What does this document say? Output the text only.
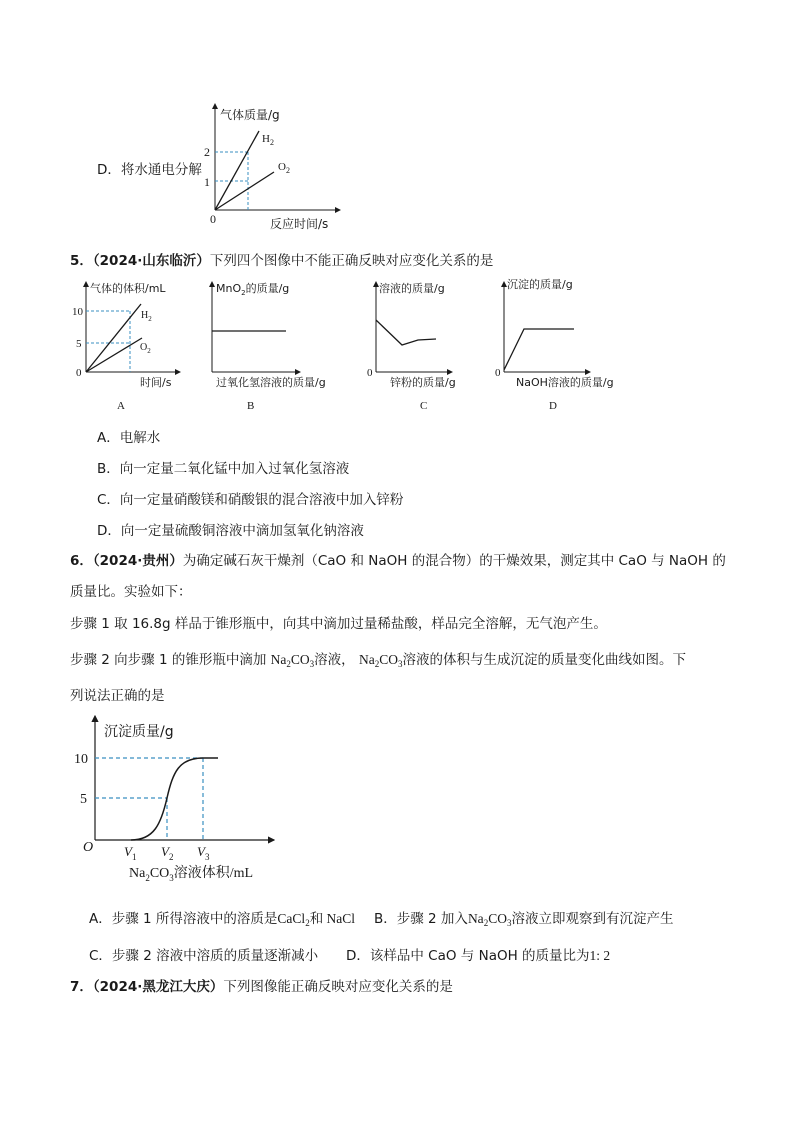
D．将水通电分解
气体质量/g
反应时间/s
2
1
0
$H_2$
$O_2$
5．（2024·山东临沂）下列四个图像中不能正确反映对应变化关系的是
气体的体积/mL
时间/s
10
5
0
$H_2$
$O_2$
A
MnO$_2$的质量/g
过氧化氢溶液的质量/g
B
溶液的质量/g
锌粉的质量/g
0
C
沉淀的质量/g
NaOH溶液的质量/g
0
D
A．电解水
B．向一定量二氧化锰中加入过氧化氢溶液
C．向一定量硝酸镁和硝酸银的混合溶液中加入锌粉
D．向一定量硫酸铜溶液中滴加氢氧化钠溶液
6．（2024·贵州）为确定碱石灰干燥剂（CaO 和 NaOH 的混合物）的干燥效果，测定其中 CaO 与 NaOH 的
质量比。实验如下：
步骤 1 取 16.8g 样品于锥形瓶中，向其中滴加过量稀盐酸，样品完全溶解，无气泡产生。
步骤 2 向步骤 1 的锥形瓶中滴加 $Na_2CO_3$溶液， $Na_2CO_3$溶液的体积与生成沉淀的质量变化曲线如图。下
列说法正确的是
沉淀质量/g
10
5
O $V_1$ $V_2$ $V_3$
$Na_2CO_3$溶液体积/mL
A．步骤 1 所得溶液中的溶质是CaCl$_2$和 NaCl B．步骤 2 加入$Na_2CO_3$溶液立即观察到有沉淀产生
C．步骤 2 溶液中溶质的质量逐渐减小 D．该样品中 CaO 与 NaOH 的质量比为1: 2
7．（2024·黑龙江大庆）下列图像能正确反映对应变化关系的是
